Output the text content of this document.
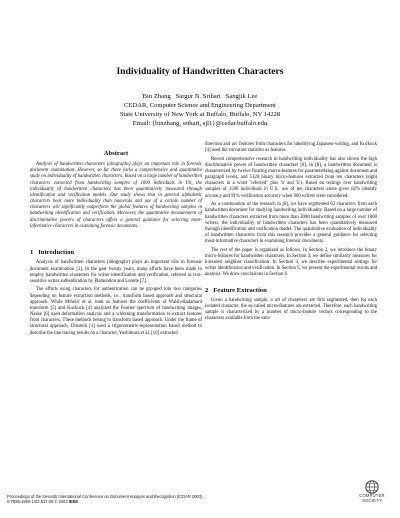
Individuality of Handwritten Characters
Bin Zhang   Sargur N. Srihari   Sangjik Lee
CEDAR, Computer Science and Engineering Department
State University of New York at Buffalo, Buffalo, NY 14228
Email: {binzhang, srihari, sjl1}@cedar.buffalo.edu
Abstract

Analysis of handwritten characters (allographs) plays an important role in forensic document examination. However, so far there lacks a comprehensive and quantitative study on individuality of handwritten characters. Based on a large number of handwritten characters extracted from handwriting samples of 1000 individuals in US, the individuality of handwritten characters has been quantitatively measured through identification and verification models. Our study shows that in general alphabetic characters bear more individuality than numerals and use of a certain number of characters will significantly outperform the global features of handwriting samples in handwriting identification and verification. Moreover, the quantitative measurement of discriminative powers of characters offers a general guidance for selecting most-informative characters in examining forensic documents.

1   Introduction

Analysis of handwritten characters (allographs) plays an important role in forensic document examination [3]. In the past twenty years, many efforts have been made to employ handwritten characters for writer identification and verification, referred as text-sensitive writer authentication by Plamondon and Lorette [7].

The efforts using characters for authentication can be grouped into two categories depending on feature extraction methods, i.e., transform based approach and structural approach. While Mihelic et al. took as features the coefficients of Walsh-Hadamard transform [5] and Kuckuck [4] analyzed the Fourier spectrum of handwriting images, Naske [6] used deformation analysis and a whitening transformation to extract features from characters. These methods belong to transform based approach. Under the frame of structural approach, Dinstein [1] used a trigonometric-representation based method to describe the line tracing results on a character, Yoshimura et al. [10] extracted

direction and arc features from characters for identifying Japanese writing, and Kuckuck [4] used the curvature statistics as features.

Recent comprehensive research in handwriting individuality has also shown the high discriminative power of handwritten characters [8]. In [8], a handwritten document is characterized by twelve floating macro-features for parameterizing against document and paragraph levels, and 5120 binary micro-features extracted from ten characters (eight characters in a word "referred" plus 'b' and 'h'). Based on testings over handwriting samples of 1500 individuals in U.S., use of ten characters alone gives 82% identify accuracy and 91% verification accuracy when 900 writers were considered.

As a continuation of the research in [8], we have segmented 62 characters from each handwritten document for studying handwriting individuality. Based on a large number of handwritten characters extracted from more than 3000 handwriting samples of over 1000 writers, the individuality of handwritten characters has been quantitatively measured through identification and verification model. The quantitative evaluation of individuality of handwritten characters from this research provides a general guidance for selecting most-informative characters in examining forensic documents.

The rest of the paper is organized as follows. In Section 2, we introduce the binary micro-features for handwritten characters. In Section 3, we define similarity measures for k-nearest neighbor classification. In Section 4, we describe experimental settings for writer identification and verification. In Section 5, we present the experimental results and analysis. We draw conclusions in Section 6.

2   Feature Extraction

Given a handwriting sample, a set of characters are first segmented, then for each isolated character, the so-called micro-features are extracted. Therefore, each handwriting sample is characterized by a number of micro-feature vectors corresponding to the characters available from the sam-

Proceedings of the Seventh International Conference on Document Analysis and Recognition (ICDAR 2003)
0-7695-1960-1/03 $17.00 © 2003 IEEE
COMPUTER
SOCIETY
